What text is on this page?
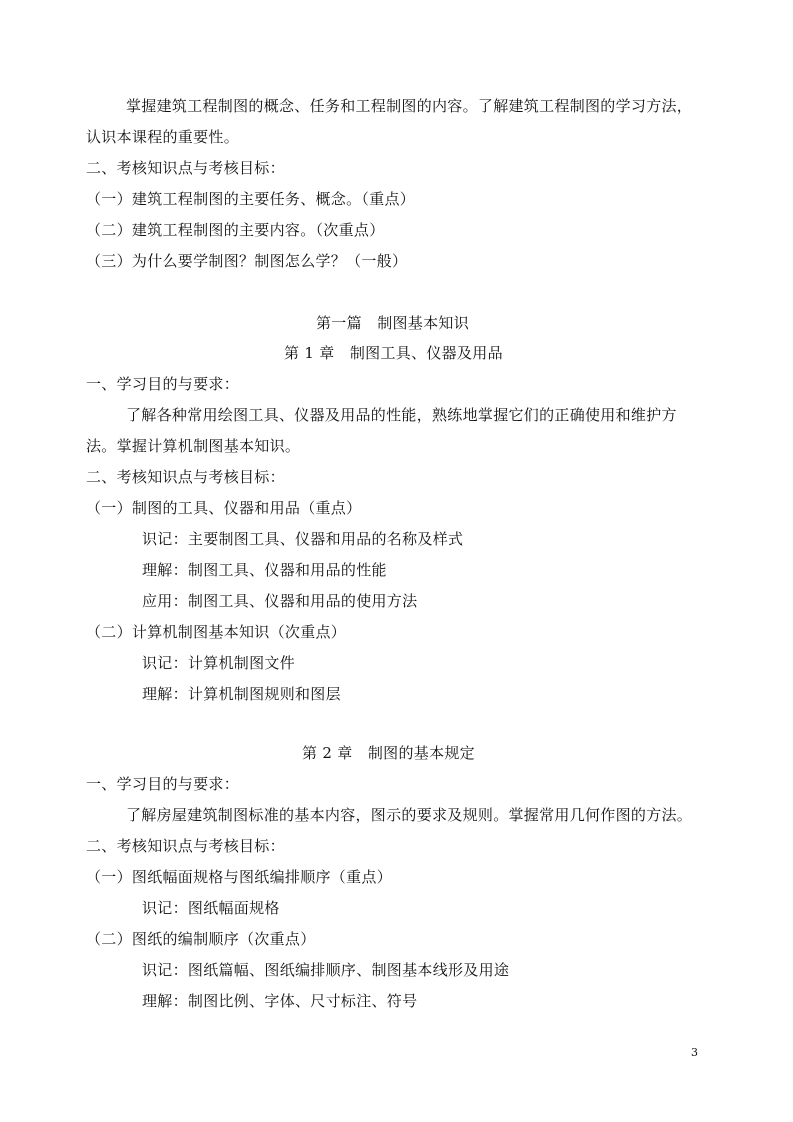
掌握建筑工程制图的概念、任务和工程制图的内容。了解建筑工程制图的学习方法，
认识本课程的重要性。
二、考核知识点与考核目标：
（一）建筑工程制图的主要任务、概念。（重点）
（二）建筑工程制图的主要内容。（次重点）
（三）为什么要学制图？制图怎么学？（一般）
第一篇　制图基本知识
第 1 章　制图工具、仪器及用品
一、学习目的与要求：
了解各种常用绘图工具、仪器及用品的性能，熟练地掌握它们的正确使用和维护方
法。掌握计算机制图基本知识。
二、考核知识点与考核目标：
（一）制图的工具、仪器和用品（重点）
识记：主要制图工具、仪器和用品的名称及样式
理解：制图工具、仪器和用品的性能
应用：制图工具、仪器和用品的使用方法
（二）计算机制图基本知识（次重点）
识记：计算机制图文件
理解：计算机制图规则和图层
第 2 章　制图的基本规定
一、学习目的与要求：
了解房屋建筑制图标准的基本内容，图示的要求及规则。掌握常用几何作图的方法。
二、考核知识点与考核目标：
（一）图纸幅面规格与图纸编排顺序（重点）
识记：图纸幅面规格
（二）图纸的编制顺序（次重点）
识记：图纸篇幅、图纸编排顺序、制图基本线形及用途
理解：制图比例、字体、尺寸标注、符号
3
